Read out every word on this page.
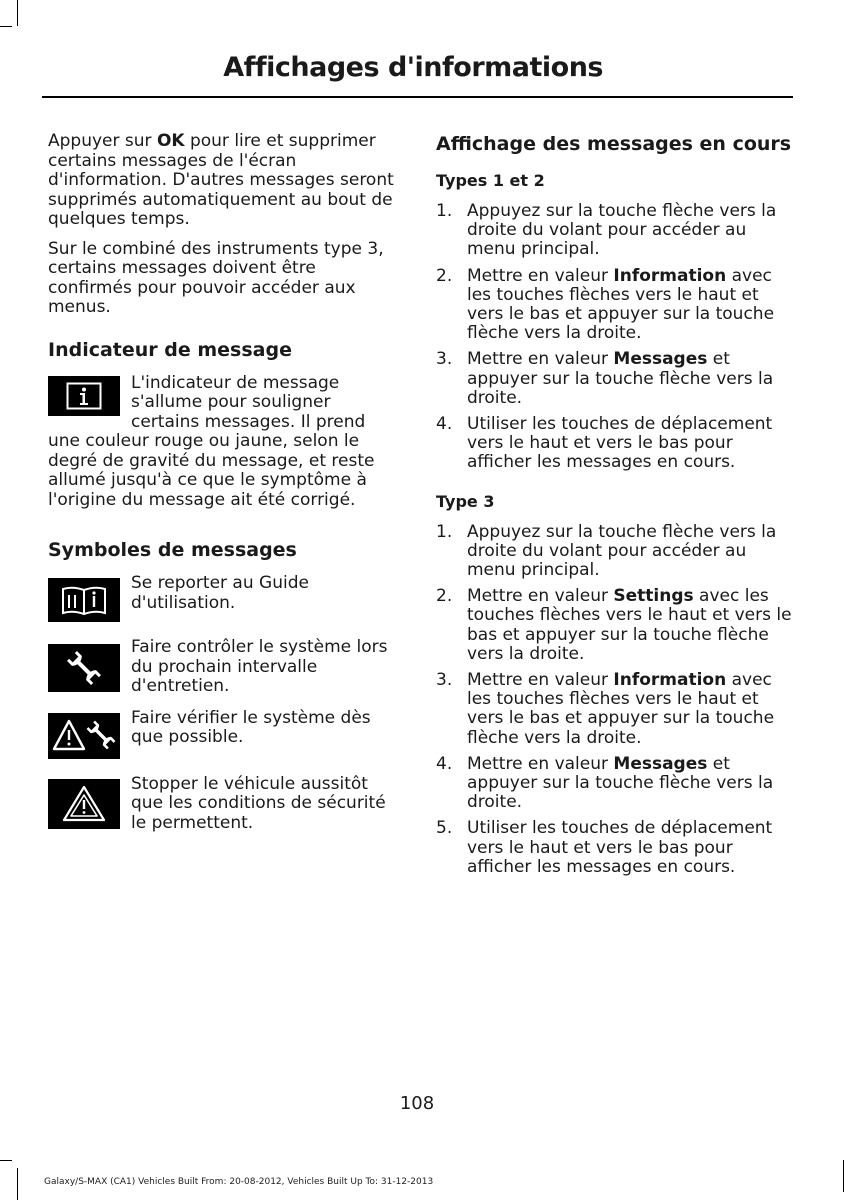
Affichages d'informations

Appuyer sur OK pour lire et supprimer certains messages de l'écran d'information. D'autres messages seront supprimés automatiquement au bout de quelques temps.

Sur le combiné des instruments type 3, certains messages doivent être confirmés pour pouvoir accéder aux menus.

Indicateur de message

L'indicateur de message s'allume pour souligner certains messages. Il prend une couleur rouge ou jaune, selon le degré de gravité du message, et reste allumé jusqu'à ce que le symptôme à l'origine du message ait été corrigé.

Symboles de messages

Se reporter au Guide d'utilisation.

Faire contrôler le système lors du prochain intervalle d'entretien.

Faire vérifier le système dès que possible.

Stopper le véhicule aussitôt que les conditions de sécurité le permettent.

Affichage des messages en cours
Types 1 et 2
1. Appuyez sur la touche flèche vers la droite du volant pour accéder au menu principal.
2. Mettre en valeur Information avec les touches flèches vers le haut et vers le bas et appuyer sur la touche flèche vers la droite.
3. Mettre en valeur Messages et appuyer sur la touche flèche vers la droite.
4. Utiliser les touches de déplacement vers le haut et vers le bas pour afficher les messages en cours.
Type 3
1. Appuyez sur la touche flèche vers la droite du volant pour accéder au menu principal.
2. Mettre en valeur Settings avec les touches flèches vers le haut et vers le bas et appuyer sur la touche flèche vers la droite.
3. Mettre en valeur Information avec les touches flèches vers le haut et vers le bas et appuyer sur la touche flèche vers la droite.
4. Mettre en valeur Messages et appuyer sur la touche flèche vers la droite.
5. Utiliser les touches de déplacement vers le haut et vers le bas pour afficher les messages en cours.
108
Galaxy/S-MAX (CA1) Vehicles Built From: 20-08-2012, Vehicles Built Up To: 31-12-2013
